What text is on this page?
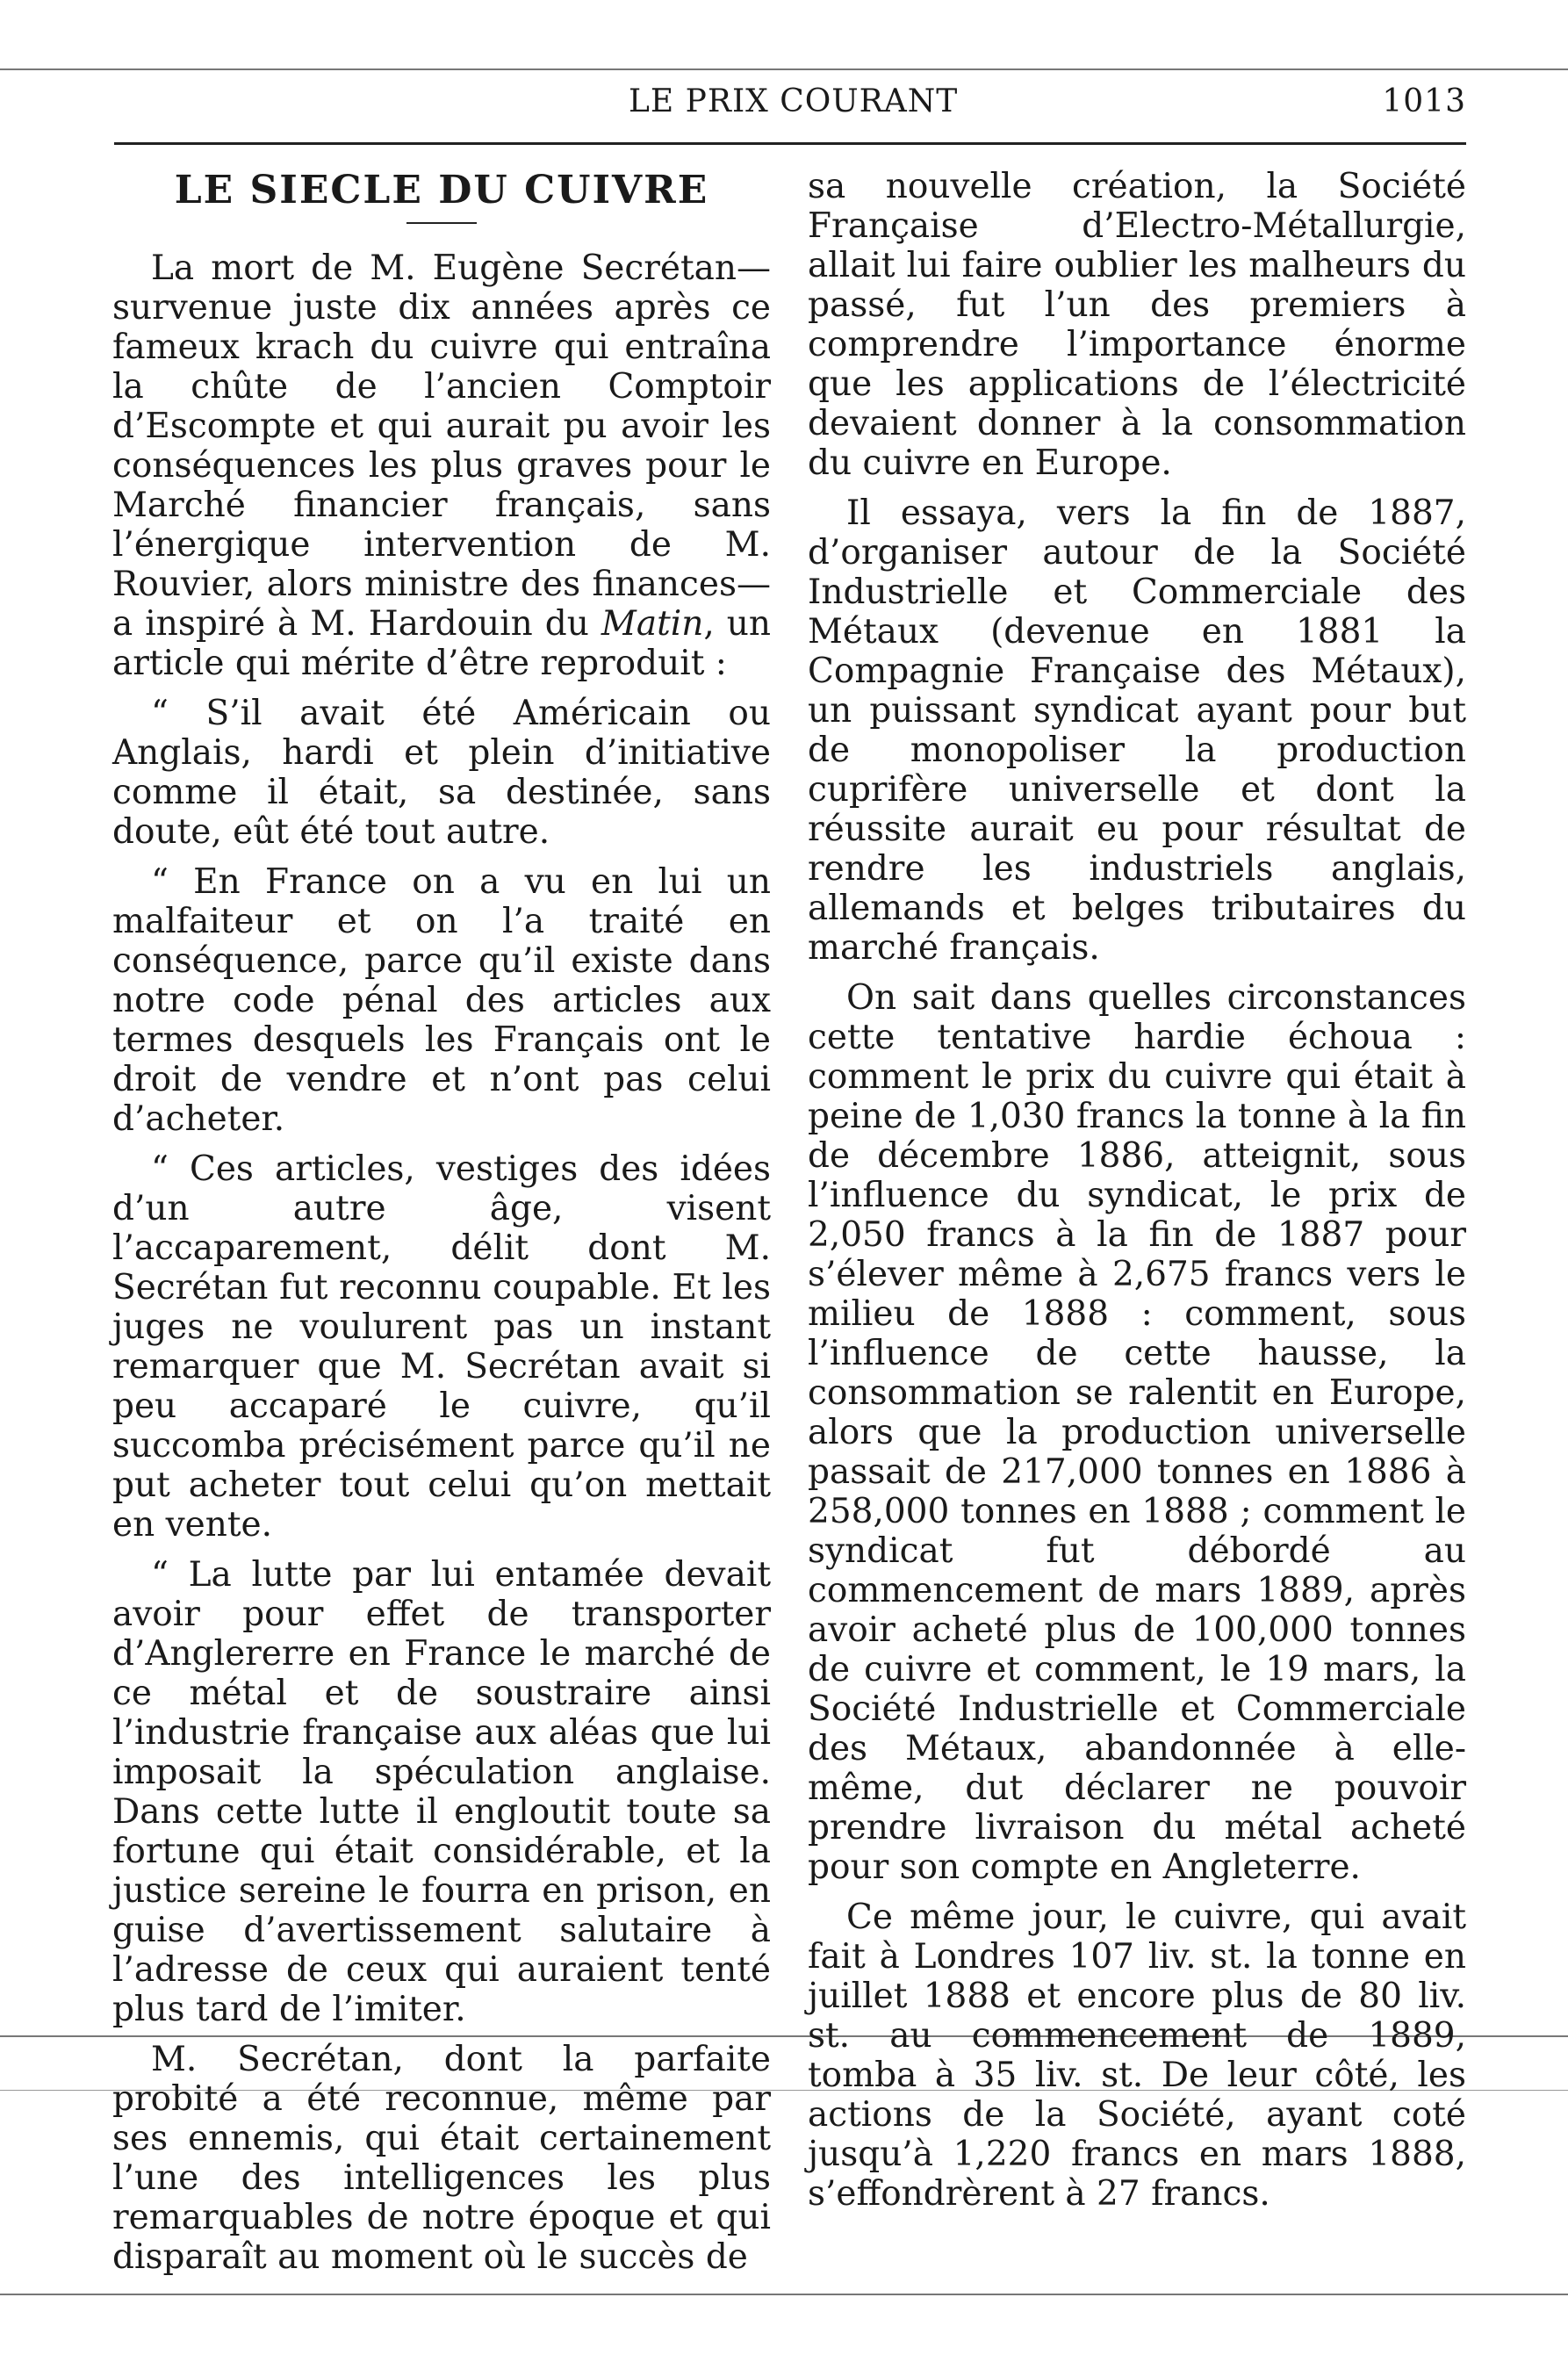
LE PRIX COURANT	1013
LE SIECLE DU CUIVRE

La mort de M. Eugène Secrétan— survenue juste dix années après ce fameux krach du cuivre qui entraîna la chûte de l’ancien Comptoir d’Escompte et qui aurait pu avoir les conséquences les plus graves pour le Marché financier français, sans l’énergique intervention de M. Rouvier, alors ministre des finances—a inspiré à M. Hardouin du Matin, un article qui mérite d’être reproduit :

“ S’il avait été Américain ou Anglais, hardi et plein d’initiative comme il était, sa destinée, sans doute, eût été tout autre.

“ En France on a vu en lui un malfaiteur et on l’a traité en conséquence, parce qu’il existe dans notre code pénal des articles aux termes desquels les Français ont le droit de vendre et n’ont pas celui d’acheter.

“ Ces articles, vestiges des idées d’un autre âge, visent l’accaparement, délit dont M. Secrétan fut reconnu coupable. Et les juges ne voulurent pas un instant remarquer que M. Secrétan avait si peu accaparé le cuivre, qu’il succomba précisément parce qu’il ne put acheter tout celui qu’on mettait en vente.

“ La lutte par lui entamée devait avoir pour effet de transporter d’Anglererre en France le marché de ce métal et de soustraire ainsi l’industrie française aux aléas que lui imposait la spéculation anglaise. Dans cette lutte il engloutit toute sa fortune qui était considérable, et la justice sereine le fourra en prison, en guise d’avertissement salutaire à l’adresse de ceux qui auraient tenté plus tard de l’imiter.

M. Secrétan, dont la parfaite probité a été reconnue, même par ses ennemis, qui était certainement l’une des intelligences les plus remarquables de notre époque et qui disparaît au moment où le succès de

sa nouvelle création, la Société Française d’Electro-Métallurgie, allait lui faire oublier les malheurs du passé, fut l’un des premiers à comprendre l’importance énorme que les applications de l’électricité devaient donner à la consommation du cuivre en Europe.

Il essaya, vers la fin de 1887, d’organiser autour de la Société Industrielle et Commerciale des Métaux (devenue en 1881 la Compagnie Française des Métaux), un puissant syndicat ayant pour but de monopoliser la production cuprifère universelle et dont la réussite aurait eu pour résultat de rendre les industriels anglais, allemands et belges tributaires du marché français.

On sait dans quelles circonstances cette tentative hardie échoua : comment le prix du cuivre qui était à peine de 1,030 francs la tonne à la fin de décembre 1886, atteignit, sous l’influence du syndicat, le prix de 2,050 francs à la fin de 1887 pour s’élever même à 2,675 francs vers le milieu de 1888 : comment, sous l’influence de cette hausse, la consommation se ralentit en Europe, alors que la production universelle passait de 217,000 tonnes en 1886 à 258,000 tonnes en 1888 ; comment le syndicat fut débordé au commencement de mars 1889, après avoir acheté plus de 100,000 tonnes de cuivre et comment, le 19 mars, la Société Industrielle et Commerciale des Métaux, abandonnée à elle-même, dut déclarer ne pouvoir prendre livraison du métal acheté pour son compte en Angleterre.

Ce même jour, le cuivre, qui avait fait à Londres 107 liv. st. la tonne en juillet 1888 et encore plus de 80 liv. st. au commencement de 1889, tomba à 35 liv. st. De leur côté, les actions de la Société, ayant coté jusqu’à 1,220 francs en mars 1888, s’effondrèrent à 27 francs.
